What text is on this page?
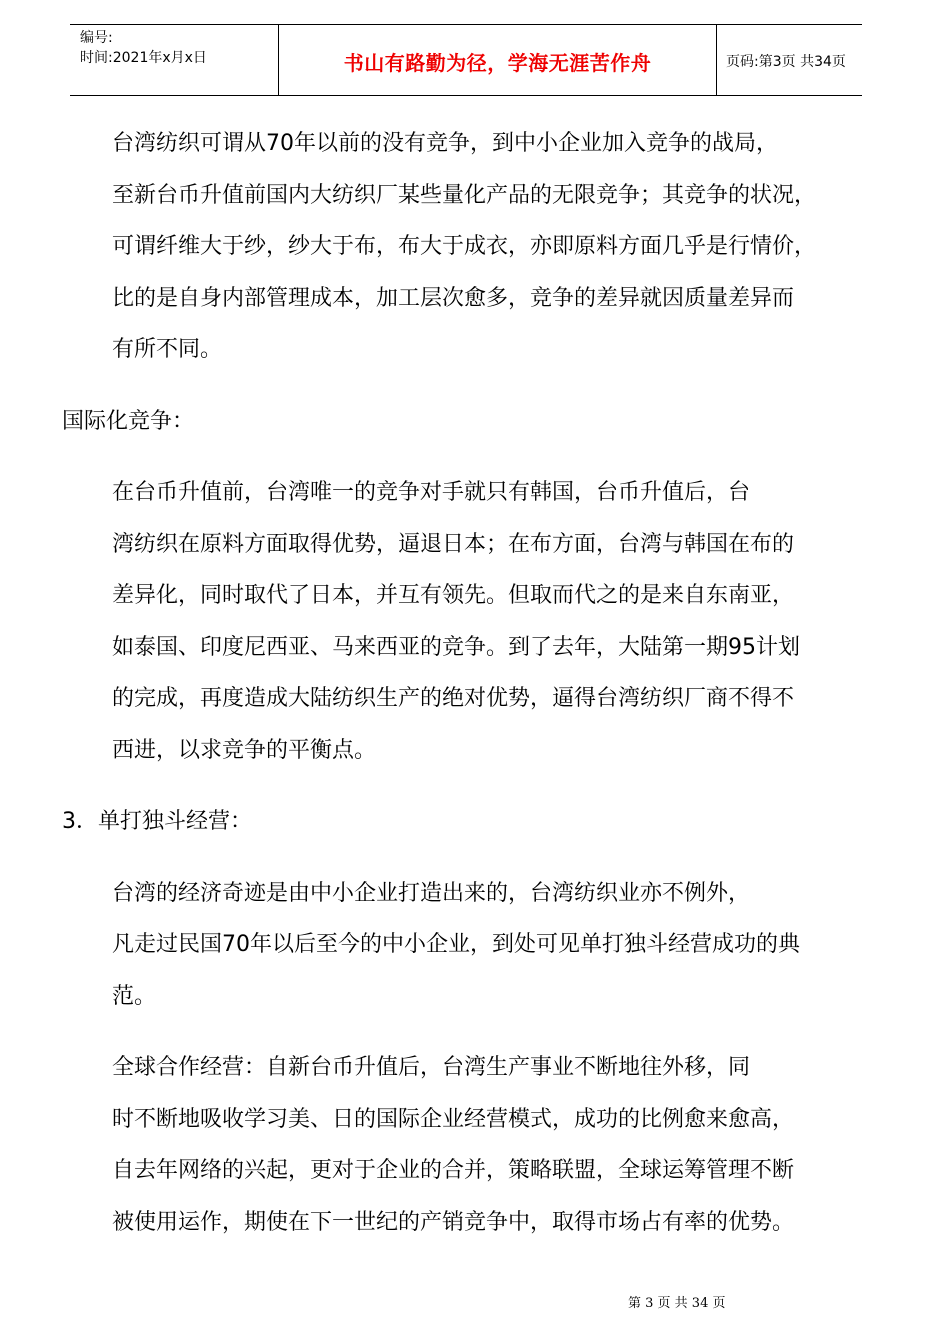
编号:
时间:2021年x月x日	书山有路勤为径，学海无涯苦作舟	页码:第3页 共34页

台湾纺织可谓从70年以前的没有竞争，到中小企业加入竞争的战局，
至新台币升值前国内大纺织厂某些量化产品的无限竞争；其竞争的状况，
可谓纤维大于纱，纱大于布，布大于成衣，亦即原料方面几乎是行情价，
比的是自身内部管理成本，加工层次愈多，竞争的差异就因质量差异而
有所不同。

国际化竞争：

在台币升值前，台湾唯一的竞争对手就只有韩国，台币升值后，台
湾纺织在原料方面取得优势，逼退日本；在布方面，台湾与韩国在布的
差异化，同时取代了日本，并互有领先。但取而代之的是来自东南亚，
如泰国、印度尼西亚、马来西亚的竞争。到了去年，大陆第一期95计划
的完成，再度造成大陆纺织生产的绝对优势，逼得台湾纺织厂商不得不
西进，以求竞争的平衡点。

3．单打独斗经营：

台湾的经济奇迹是由中小企业打造出来的，台湾纺织业亦不例外，
凡走过民国70年以后至今的中小企业，到处可见单打独斗经营成功的典
范。

全球合作经营：自新台币升值后，台湾生产事业不断地往外移，同
时不断地吸收学习美、日的国际企业经营模式，成功的比例愈来愈高，
自去年网络的兴起，更对于企业的合并，策略联盟，全球运筹管理不断
被使用运作，期使在下一世纪的产销竞争中，取得市场占有率的优势。

第 3 页 共 34 页
